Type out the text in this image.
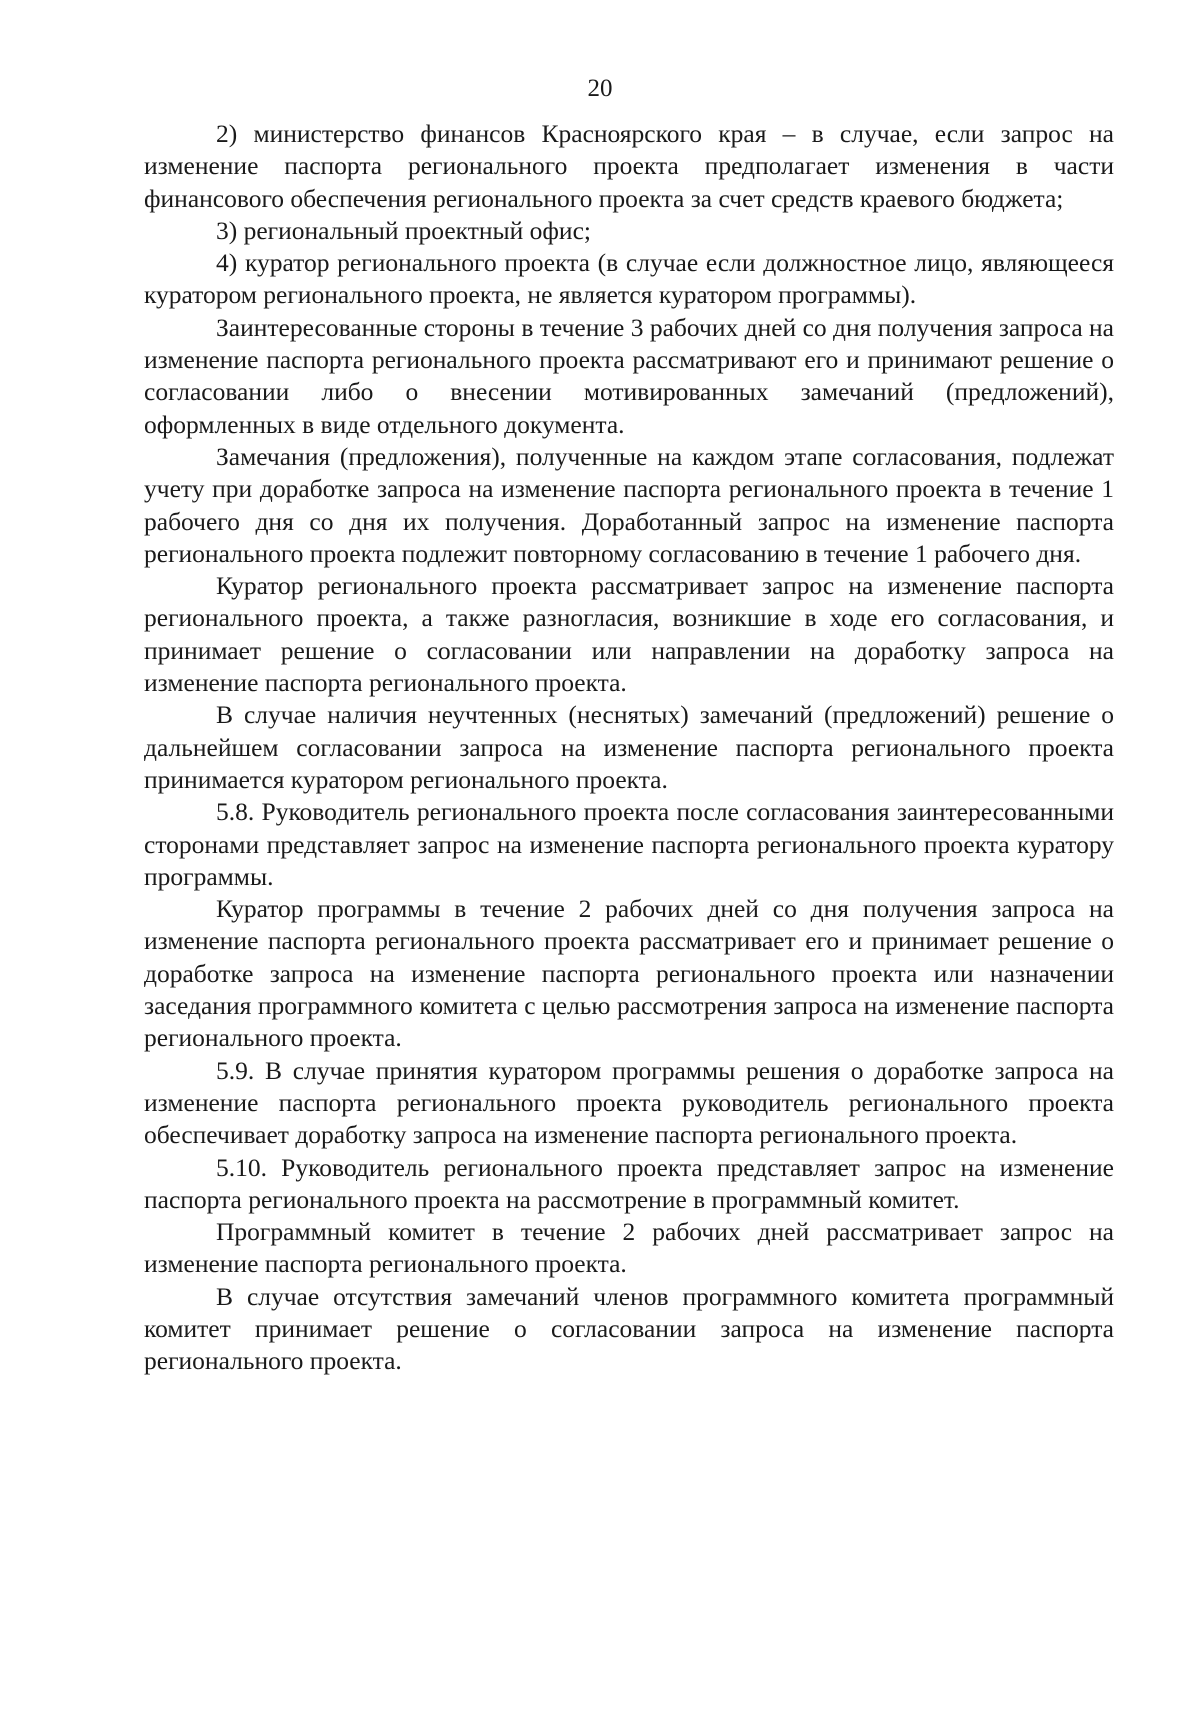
20

2) министерство финансов Красноярского края – в случае, если запрос на изменение паспорта регионального проекта предполагает изменения в части финансового обеспечения регионального проекта за счет средств краевого бюджета;

3) региональный проектный офис;

4) куратор регионального проекта (в случае если должностное лицо, являющееся куратором регионального проекта, не является куратором программы).

Заинтересованные стороны в течение 3 рабочих дней со дня получения запроса на изменение паспорта регионального проекта рассматривают его и принимают решение о согласовании либо о внесении мотивированных замечаний (предложений), оформленных в виде отдельного документа.

Замечания (предложения), полученные на каждом этапе согласования, подлежат учету при доработке запроса на изменение паспорта регионального проекта в течение 1 рабочего дня со дня их получения. Доработанный запрос на изменение паспорта регионального проекта подлежит повторному согласованию в течение 1 рабочего дня.

Куратор регионального проекта рассматривает запрос на изменение паспорта регионального проекта, а также разногласия, возникшие в ходе его согласования, и принимает решение о согласовании или направлении на доработку запроса на изменение паспорта регионального проекта.

В случае наличия неучтенных (неснятых) замечаний (предложений) решение о дальнейшем согласовании запроса на изменение паспорта регионального проекта принимается куратором регионального проекта.

5.8. Руководитель регионального проекта после согласования заинтересованными сторонами представляет запрос на изменение паспорта регионального проекта куратору программы.

Куратор программы в течение 2 рабочих дней со дня получения запроса на изменение паспорта регионального проекта рассматривает его и принимает решение о доработке запроса на изменение паспорта регионального проекта или назначении заседания программного комитета с целью рассмотрения запроса на изменение паспорта регионального проекта.

5.9. В случае принятия куратором программы решения о доработке запроса на изменение паспорта регионального проекта руководитель регионального проекта обеспечивает доработку запроса на изменение паспорта регионального проекта.

5.10. Руководитель регионального проекта представляет запрос на изменение паспорта регионального проекта на рассмотрение в программный комитет.

Программный комитет в течение 2 рабочих дней рассматривает запрос на изменение паспорта регионального проекта.

В случае отсутствия замечаний членов программного комитета программный комитет принимает решение о согласовании запроса на изменение паспорта регионального проекта.
